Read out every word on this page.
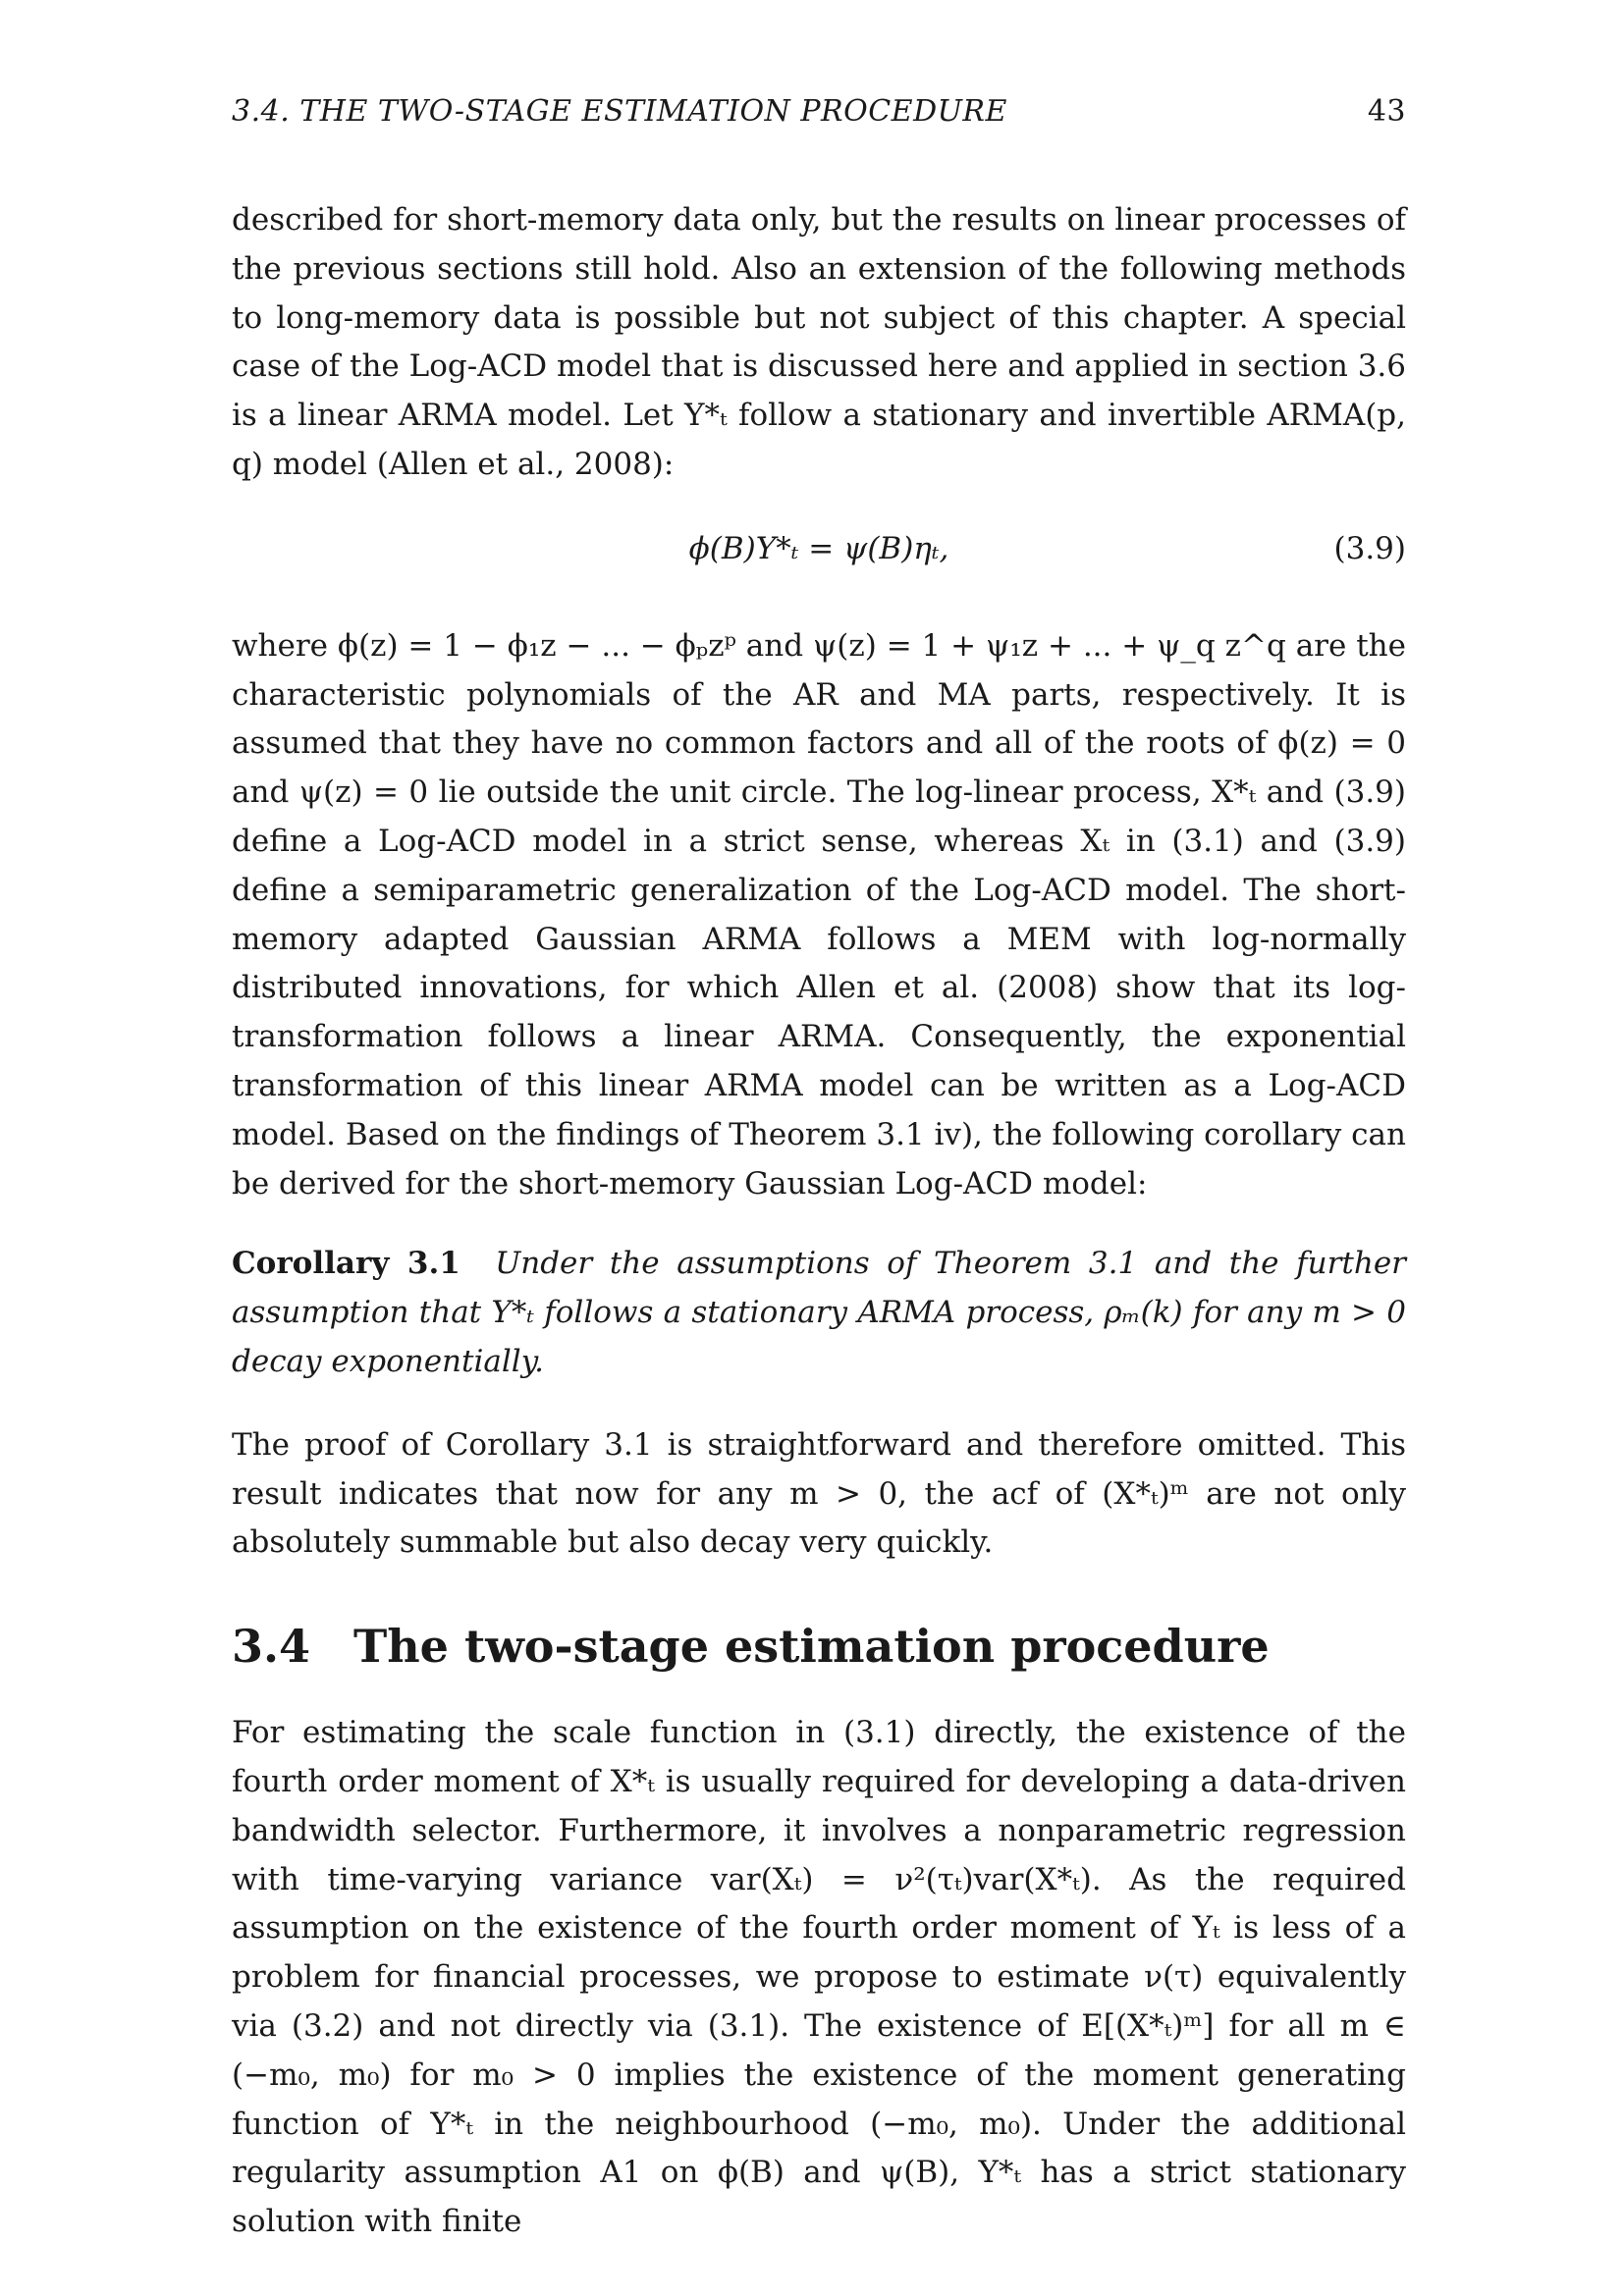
3.4. THE TWO-STAGE ESTIMATION PROCEDURE	43

described for short-memory data only, but the results on linear processes of the previous sections still hold. Also an extension of the following methods to long-memory data is possible but not subject of this chapter. A special case of the Log-ACD model that is discussed here and applied in section 3.6 is a linear ARMA model. Let Y*ₜ follow a stationary and invertible ARMA(p, q) model (Allen et al., 2008):

ϕ(B)Y*ₜ = ψ(B)ηₜ,	(3.9)

where ϕ(z) = 1 − ϕ₁z − ... − ϕₚzᵖ and ψ(z) = 1 + ψ₁z + ... + ψ_q z^q are the characteristic polynomials of the AR and MA parts, respectively. It is assumed that they have no common factors and all of the roots of ϕ(z) = 0 and ψ(z) = 0 lie outside the unit circle. The log-linear process, X*ₜ and (3.9) define a Log-ACD model in a strict sense, whereas Xₜ in (3.1) and (3.9) define a semiparametric generalization of the Log-ACD model. The short-memory adapted Gaussian ARMA follows a MEM with log-normally distributed innovations, for which Allen et al. (2008) show that its log-transformation follows a linear ARMA. Consequently, the exponential transformation of this linear ARMA model can be written as a Log-ACD model. Based on the findings of Theorem 3.1 iv), the following corollary can be derived for the short-memory Gaussian Log-ACD model:

Corollary 3.1 Under the assumptions of Theorem 3.1 and the further assumption that Y*ₜ follows a stationary ARMA process, ρₘ(k) for any m > 0 decay exponentially.

The proof of Corollary 3.1 is straightforward and therefore omitted. This result indicates that now for any m > 0, the acf of (X*ₜ)ᵐ are not only absolutely summable but also decay very quickly.

3.4 The two-stage estimation procedure

For estimating the scale function in (3.1) directly, the existence of the fourth order moment of X*ₜ is usually required for developing a data-driven bandwidth selector. Furthermore, it involves a nonparametric regression with time-varying variance var(Xₜ) = ν²(τₜ)var(X*ₜ). As the required assumption on the existence of the fourth order moment of Yₜ is less of a problem for financial processes, we propose to estimate ν(τ) equivalently via (3.2) and not directly via (3.1). The existence of E[(X*ₜ)ᵐ] for all m ∈ (−m₀, m₀) for m₀ > 0 implies the existence of the moment generating function of Y*ₜ in the neighbourhood (−m₀, m₀). Under the additional regularity assumption A1 on ϕ(B) and ψ(B), Y*ₜ has a strict stationary solution with finite
